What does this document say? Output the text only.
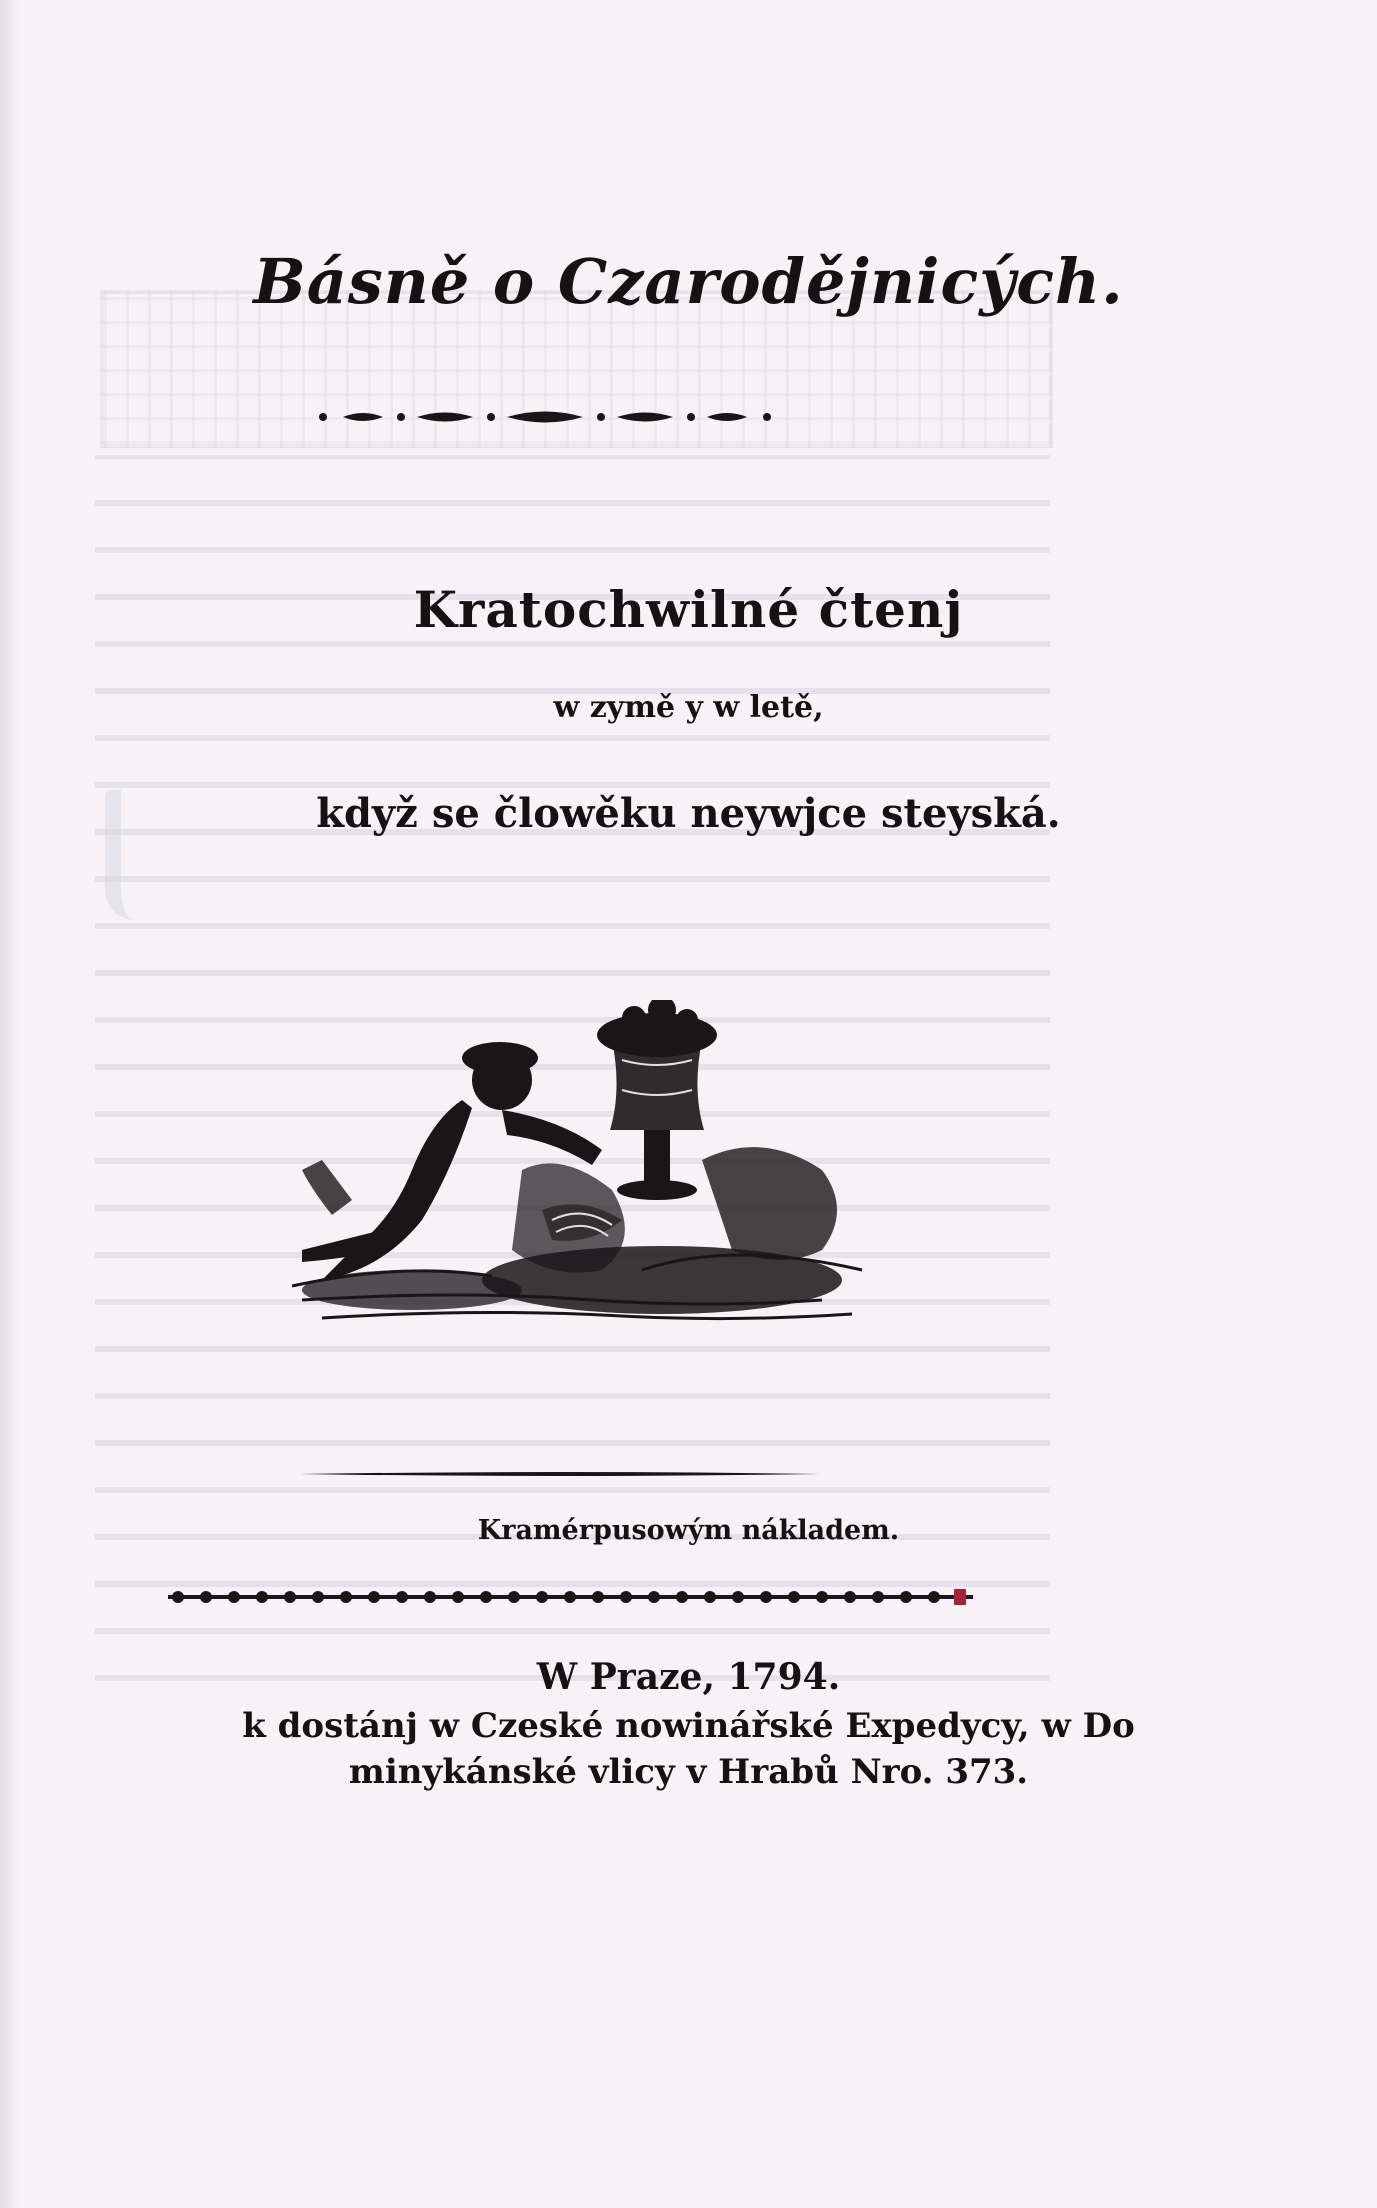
Básně o Czarodějnicých.
Kratochwilné čtenj
w zymě y w letě,
když se člowěku neywjce steyská.
Kramérpusowým nákladem.
W Praze, 1794.
k dostánj w Czeské nowinářské Expedycy, w Do
minykánské vlicy v Hrabů Nro. 373.
